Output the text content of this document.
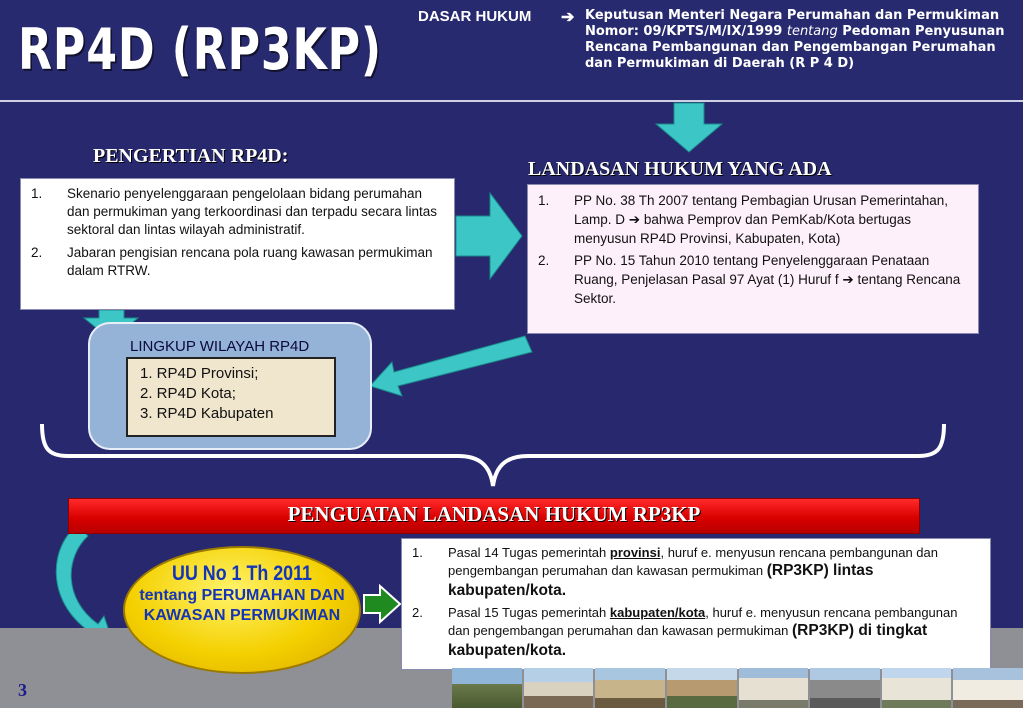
RP4D (RP3KP) DASAR HUKUM ➔ Keputusan Menteri Negara Perumahan dan Permukiman Nomor: 09/KPTS/M/IX/1999 tentang Pedoman Penyusunan Rencana Pembangunan dan Pengembangan Perumahan dan Permukiman di Daerah (R P 4 D)
PENGERTIAN RP4D:
LANDASAN HUKUM YANG ADA
1. Skenario penyelenggaraan pengelolaan bidang perumahan dan permukiman yang terkoordinasi dan terpadu secara lintas sektoral dan lintas wilayah administratif.
2. Jabaran pengisian rencana pola ruang kawasan permukiman dalam RTRW.
1. PP No. 38 Th 2007 tentang Pembagian Urusan Pemerintahan, Lamp. D ➔ bahwa Pemprov dan PemKab/Kota bertugas menyusun RP4D Provinsi, Kabupaten, Kota)
2. PP No. 15 Tahun 2010 tentang Penyelenggaraan Penataan Ruang, Penjelasan Pasal 97 Ayat (1) Huruf f ➔ tentang Rencana Sektor.
LINGKUP WILAYAH RP4D
1. RP4D Provinsi;
2. RP4D Kota;
3. RP4D Kabupaten
PENGUATAN LANDASAN HUKUM RP3KP
UU No 1 Th 2011
tentang PERUMAHAN DAN KAWASAN PERMUKIMAN
1. Pasal 14 Tugas pemerintah provinsi, huruf e. menyusun rencana pembangunan dan pengembangan perumahan dan kawasan permukiman (RP3KP) lintas kabupaten/kota.
2. Pasal 15 Tugas pemerintah kabupaten/kota, huruf e. menyusun rencana pembangunan dan pengembangan perumahan dan kawasan permukiman (RP3KP) di tingkat kabupaten/kota.
3
